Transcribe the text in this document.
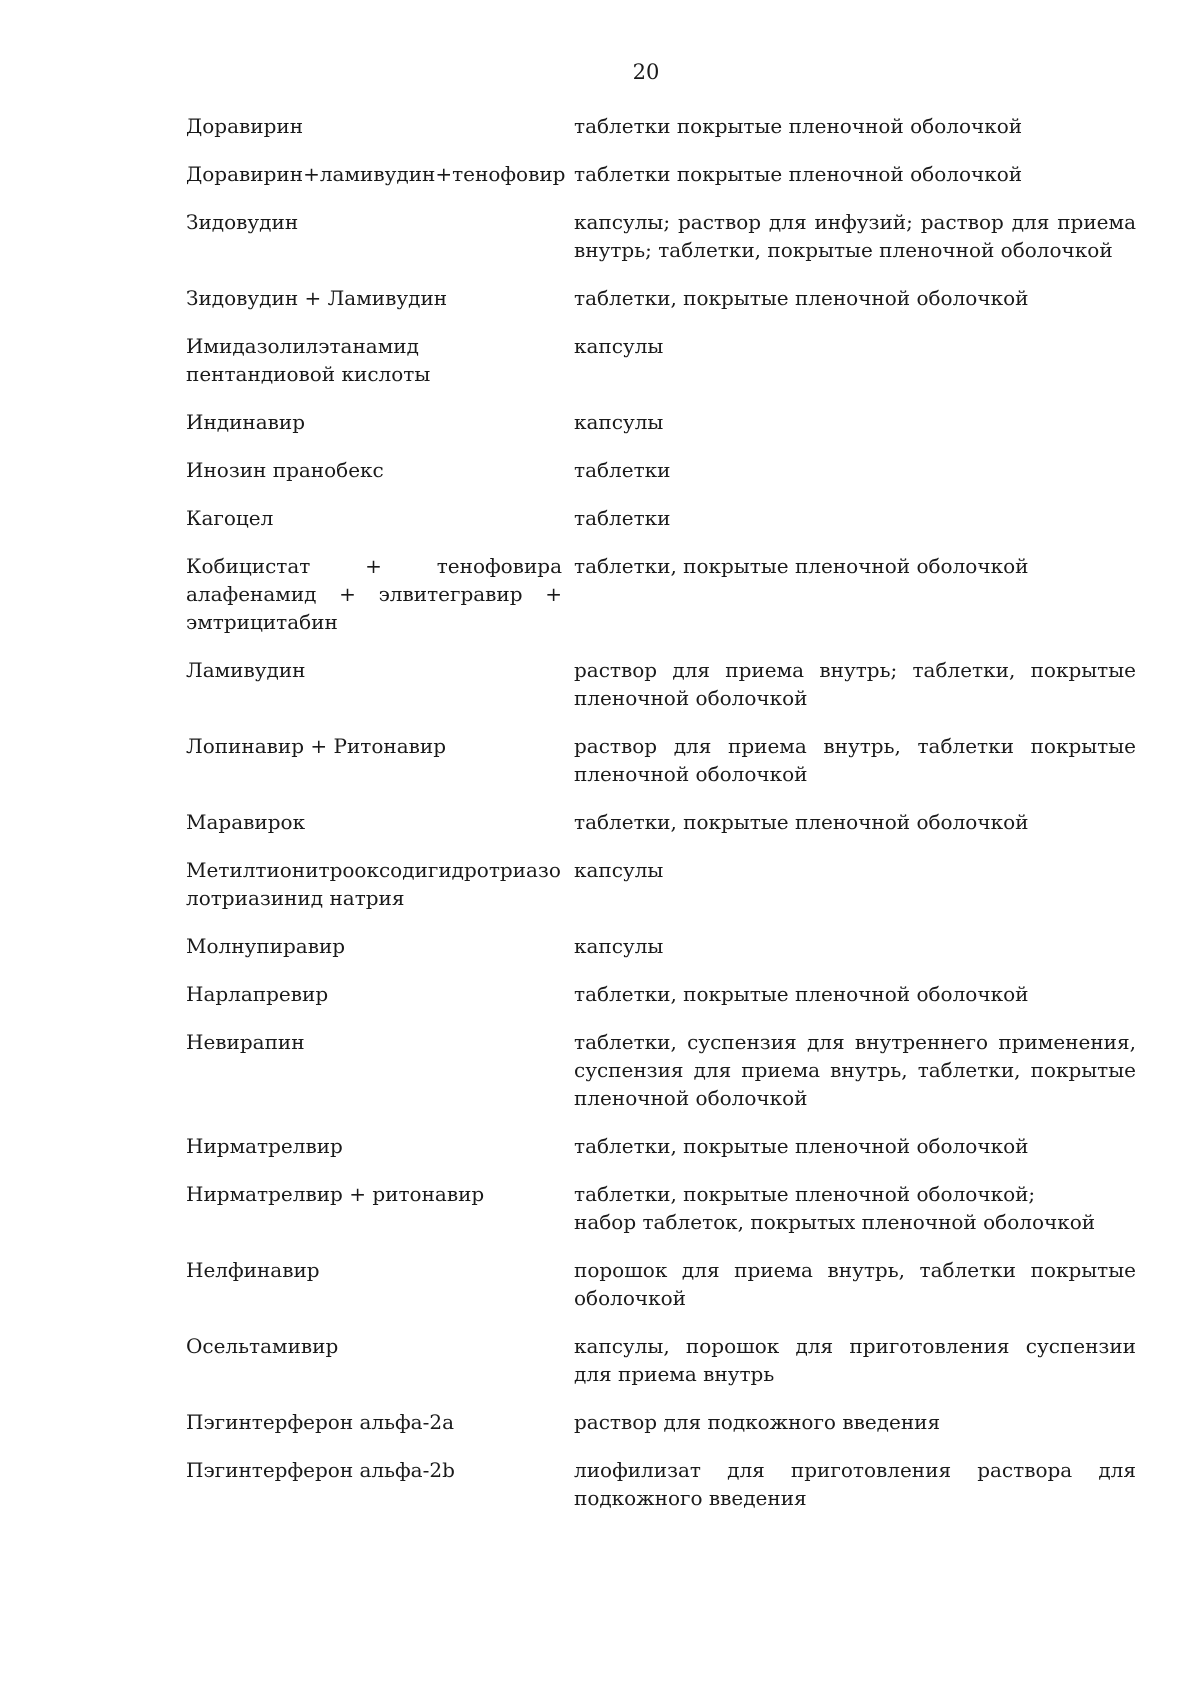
20
Доравирин	таблетки покрытые пленочной оболочкой
Доравирин+ламивудин+тенофовир	таблетки покрытые пленочной оболочкой
Зидовудин	капсулы; раствор для инфузий; раствор для приема внутрь; таблетки, покрытые пленочной оболочкой
Зидовудин + Ламивудин	таблетки, покрытые пленочной оболочкой
Имидазолилэтанамид пентандиовой кислоты	капсулы
Индинавир	капсулы
Инозин пранобекс	таблетки
Кагоцел	таблетки
Кобицистат + тенофовира алафенамид + элвитегравир + эмтрицитабин	таблетки, покрытые пленочной оболочкой
Ламивудин	раствор для приема внутрь; таблетки, покрытые пленочной оболочкой
Лопинавир + Ритонавир	раствор для приема внутрь, таблетки покрытые пленочной оболочкой
Маравирок	таблетки, покрытые пленочной оболочкой
Метилтионитрооксодигидротриазолотриазинид натрия	капсулы
Молнупиравир	капсулы
Нарлапревир	таблетки, покрытые пленочной оболочкой
Невирапин	таблетки, суспензия для внутреннего применения, суспензия для приема внутрь, таблетки, покрытые пленочной оболочкой
Нирматрелвир	таблетки, покрытые пленочной оболочкой
Нирматрелвир + ритонавир	таблетки, покрытые пленочной оболочкой;
набор таблеток, покрытых пленочной оболочкой

Нелфинавир	порошок для приема внутрь, таблетки покрытые оболочкой
Осельтамивир	капсулы, порошок для приготовления суспензии для приема внутрь
Пэгинтерферон альфа-2а	раствор для подкожного введения
Пэгинтерферон альфа-2b	лиофилизат для приготовления раствора для подкожного введения
